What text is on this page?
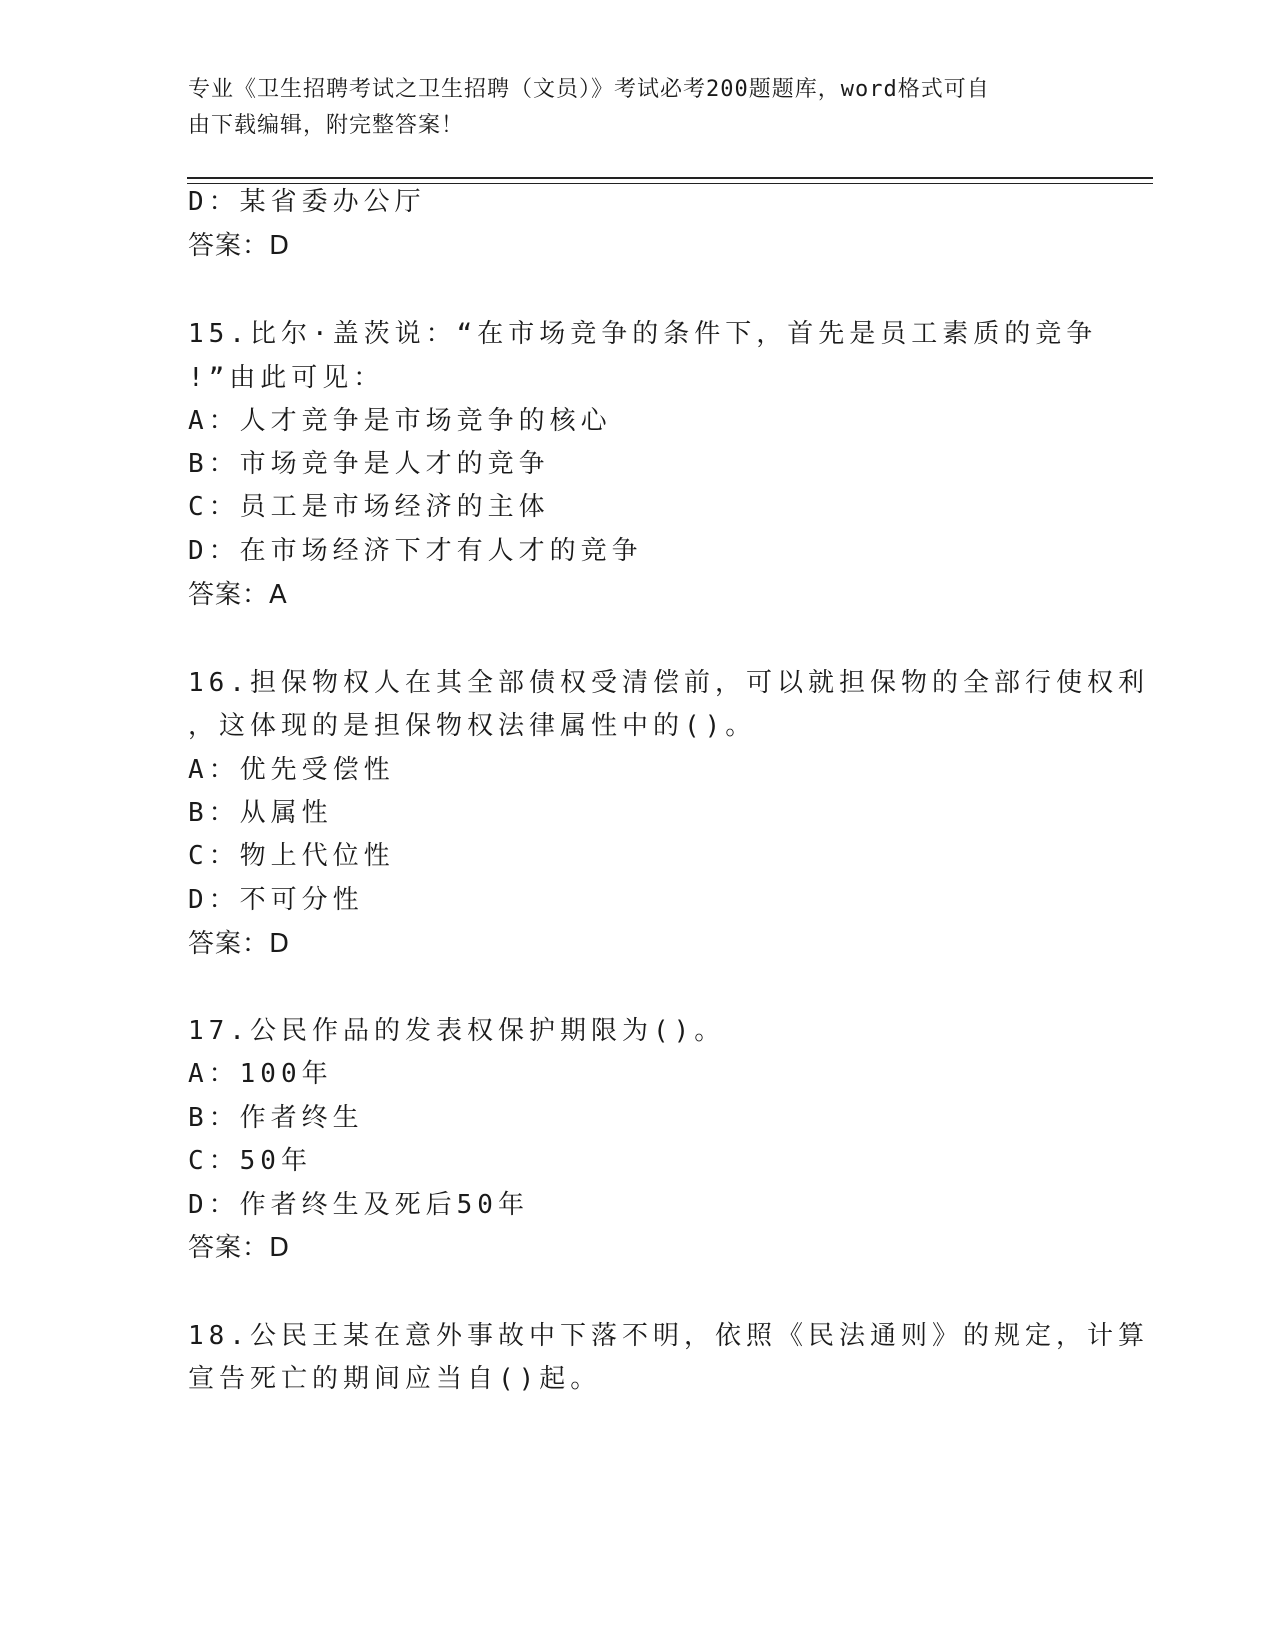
专业《卫生招聘考试之卫生招聘（文员）》考试必考200题题库，word格式可自
由下载编辑，附完整答案！
D：某省委办公厅
答案：D
15.比尔·盖茨说：“在市场竞争的条件下，首先是员工素质的竞争
!”由此可见：
A：人才竞争是市场竞争的核心
B：市场竞争是人才的竞争
C：员工是市场经济的主体
D：在市场经济下才有人才的竞争
答案：A
16.担保物权人在其全部债权受清偿前，可以就担保物的全部行使权利
，这体现的是担保物权法律属性中的()。
A：优先受偿性
B：从属性
C：物上代位性
D：不可分性
答案：D
17.公民作品的发表权保护期限为()。
A：100年
B：作者终生
C：50年
D：作者终生及死后50年
答案：D
18.公民王某在意外事故中下落不明，依照《民法通则》的规定，计算
宣告死亡的期间应当自()起。
